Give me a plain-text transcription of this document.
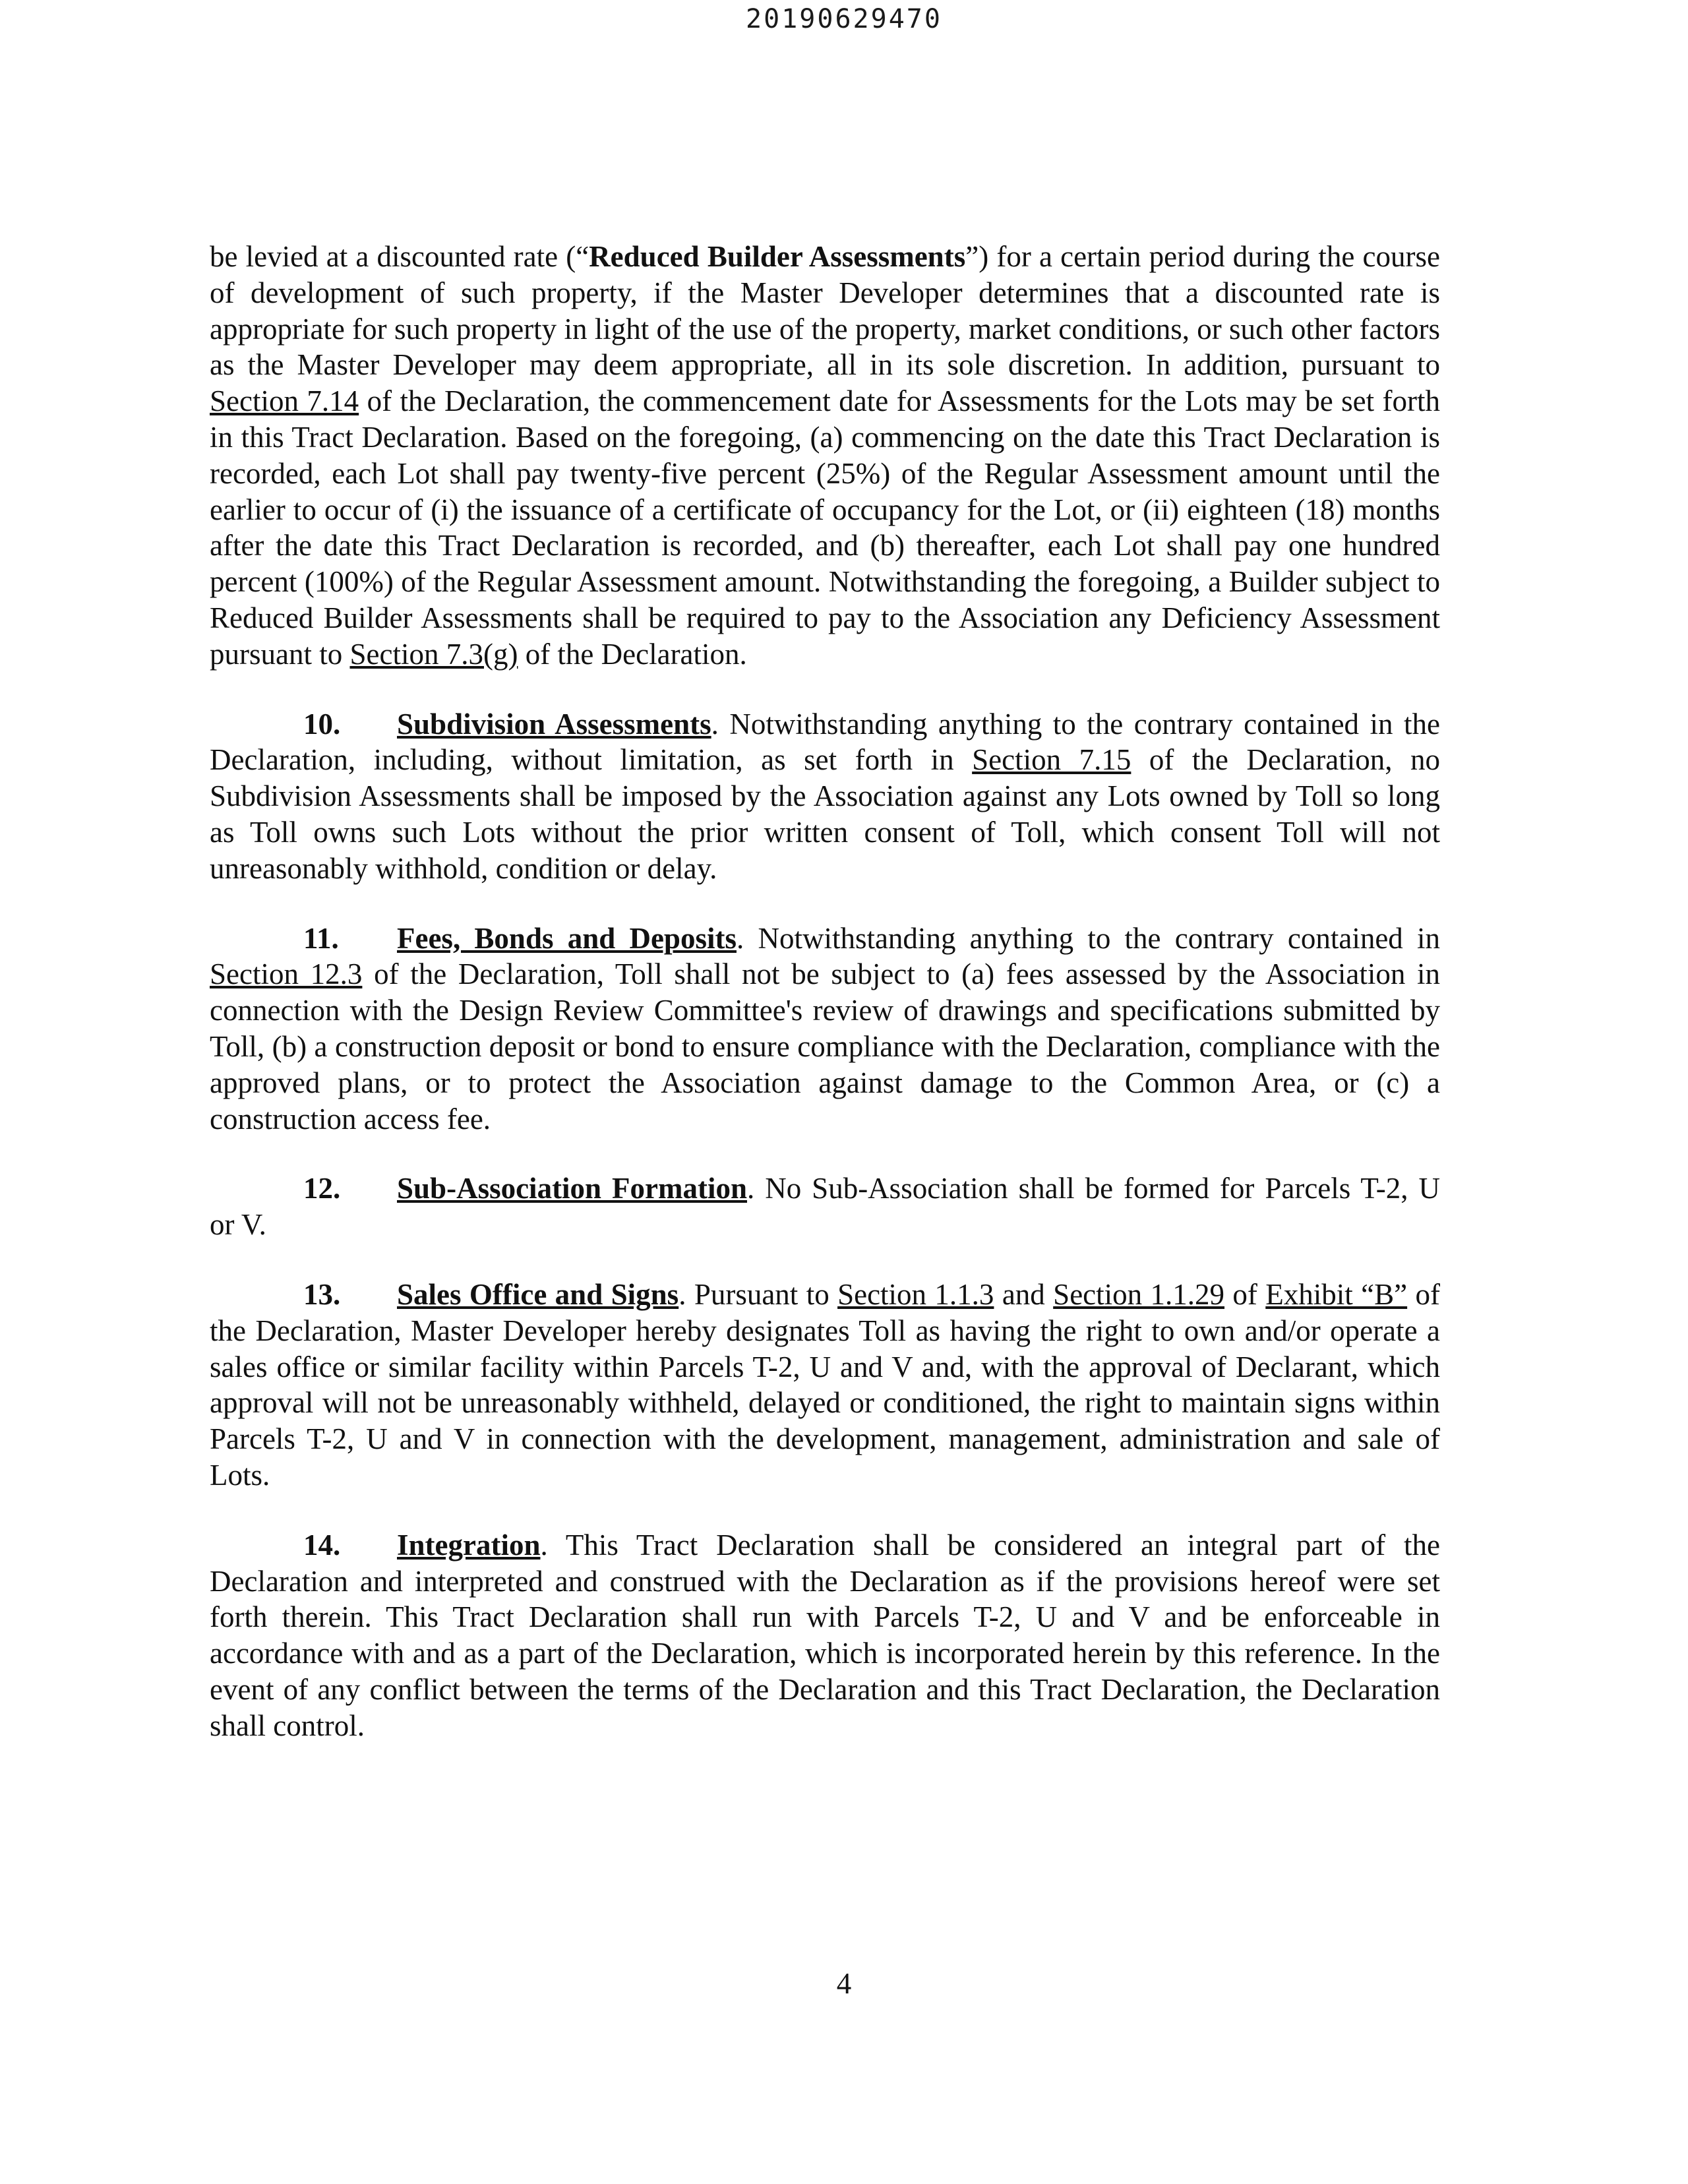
20190629470

be levied at a discounted rate (“Reduced Builder Assessments”) for a certain period during the course of development of such property, if the Master Developer determines that a discounted rate is appropriate for such property in light of the use of the property, market conditions, or such other factors as the Master Developer may deem appropriate, all in its sole discretion. In addition, pursuant to Section 7.14 of the Declaration, the commencement date for Assessments for the Lots may be set forth in this Tract Declaration. Based on the foregoing, (a) commencing on the date this Tract Declaration is recorded, each Lot shall pay twenty-five percent (25%) of the Regular Assessment amount until the earlier to occur of (i) the issuance of a certificate of occupancy for the Lot, or (ii) eighteen (18) months after the date this Tract Declaration is recorded, and (b) thereafter, each Lot shall pay one hundred percent (100%) of the Regular Assessment amount. Notwithstanding the foregoing, a Builder subject to Reduced Builder Assessments shall be required to pay to the Association any Deficiency Assessment pursuant to Section 7.3(g) of the Declaration.

10. Subdivision Assessments. Notwithstanding anything to the contrary contained in the Declaration, including, without limitation, as set forth in Section 7.15 of the Declaration, no Subdivision Assessments shall be imposed by the Association against any Lots owned by Toll so long as Toll owns such Lots without the prior written consent of Toll, which consent Toll will not unreasonably withhold, condition or delay.

11. Fees, Bonds and Deposits. Notwithstanding anything to the contrary contained in Section 12.3 of the Declaration, Toll shall not be subject to (a) fees assessed by the Association in connection with the Design Review Committee's review of drawings and specifications submitted by Toll, (b) a construction deposit or bond to ensure compliance with the Declaration, compliance with the approved plans, or to protect the Association against damage to the Common Area, or (c) a construction access fee.

12. Sub-Association Formation. No Sub-Association shall be formed for Parcels T-2, U or V.

13. Sales Office and Signs. Pursuant to Section 1.1.3 and Section 1.1.29 of Exhibit “B” of the Declaration, Master Developer hereby designates Toll as having the right to own and/or operate a sales office or similar facility within Parcels T-2, U and V and, with the approval of Declarant, which approval will not be unreasonably withheld, delayed or conditioned, the right to maintain signs within Parcels T-2, U and V in connection with the development, management, administration and sale of Lots.

14. Integration. This Tract Declaration shall be considered an integral part of the Declaration and interpreted and construed with the Declaration as if the provisions hereof were set forth therein. This Tract Declaration shall run with Parcels T-2, U and V and be enforceable in accordance with and as a part of the Declaration, which is incorporated herein by this reference. In the event of any conflict between the terms of the Declaration and this Tract Declaration, the Declaration shall control.

4
